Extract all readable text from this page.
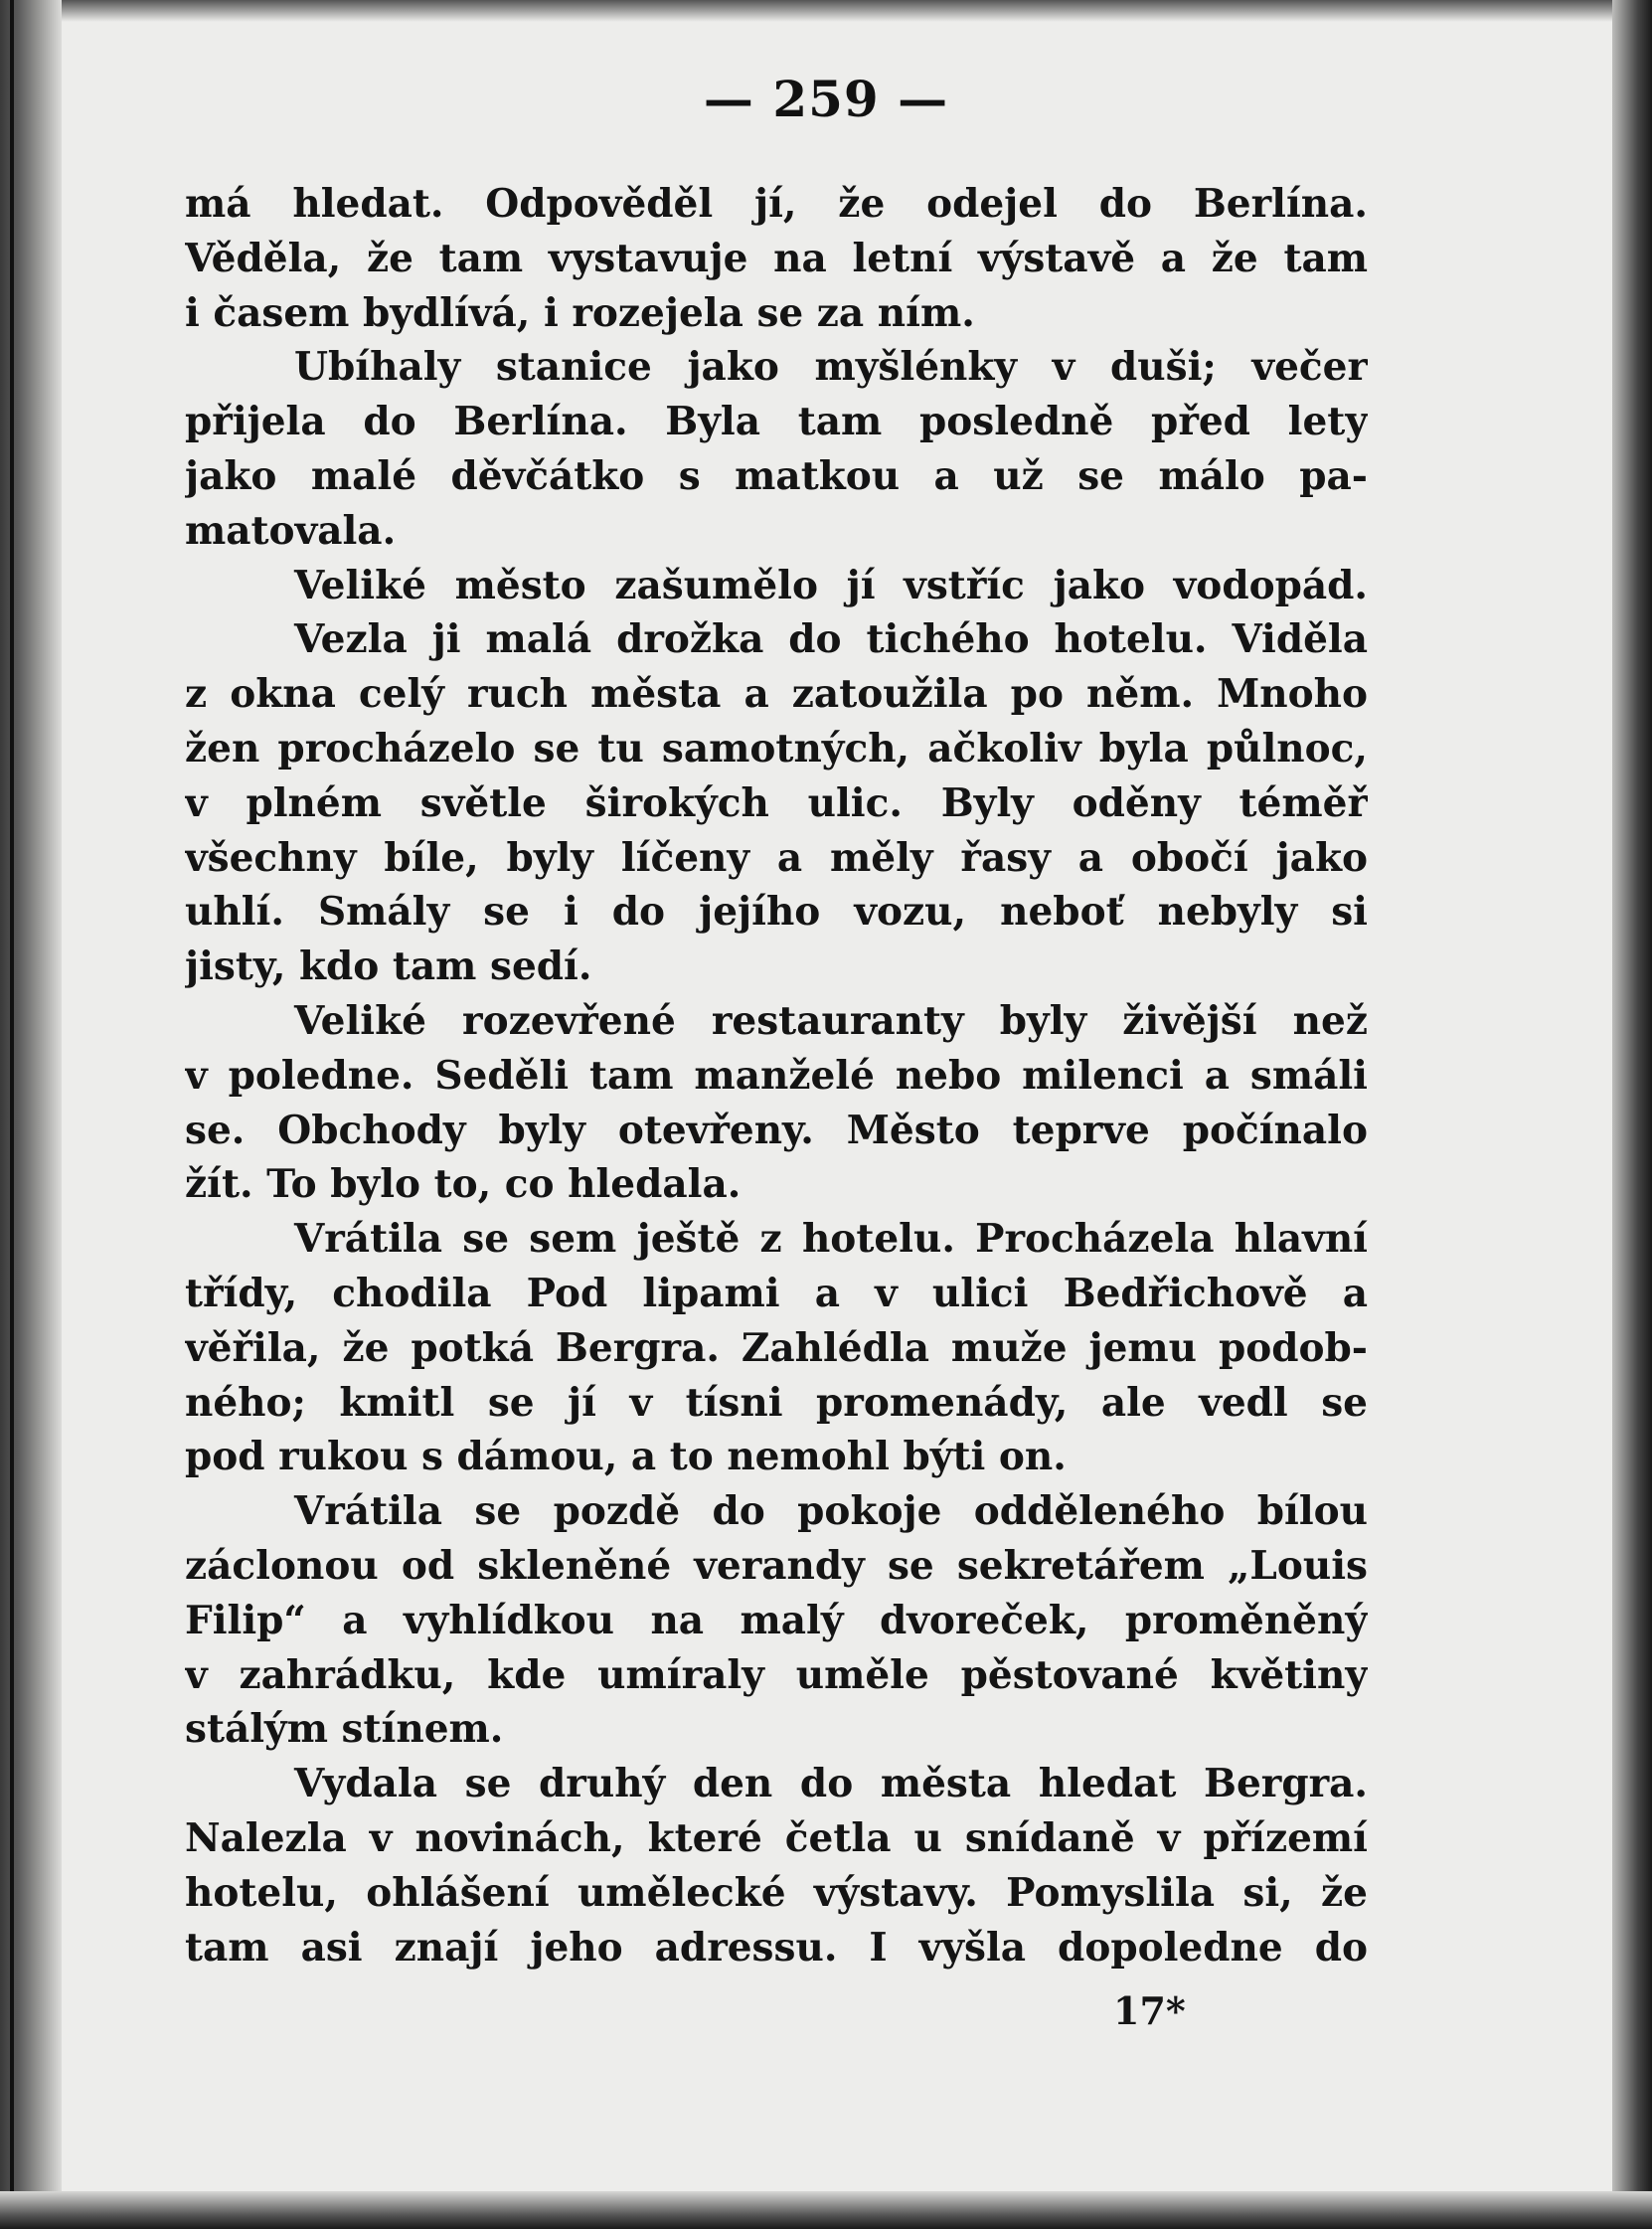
— 259 —
má hledat. Odpověděl jí, že odejel do Berlína.
Věděla, že tam vystavuje na letní výstavě a že tam
i časem bydlívá, i rozejela se za ním.
Ubíhaly stanice jako myšlénky v duši; večer
přijela do Berlína. Byla tam posledně před lety
jako malé děvčátko s matkou a už se málo pa-
matovala.
Veliké město zašumělo jí vstříc jako vodopád.
Vezla ji malá drožka do tichého hotelu. Viděla
z okna celý ruch města a zatoužila po něm. Mnoho
žen procházelo se tu samotných, ačkoliv byla půlnoc,
v plném světle širokých ulic. Byly oděny téměř
všechny bíle, byly líčeny a měly řasy a obočí jako
uhlí. Smály se i do jejího vozu, neboť nebyly si
jisty, kdo tam sedí.
Veliké rozevřené restauranty byly živější než
v poledne. Seděli tam manželé nebo milenci a smáli
se. Obchody byly otevřeny. Město teprve počínalo
žít. To bylo to, co hledala.
Vrátila se sem ještě z hotelu. Procházela hlavní
třídy, chodila Pod lipami a v ulici Bedřichově a
věřila, že potká Bergra. Zahlédla muže jemu podob-
ného; kmitl se jí v tísni promenády, ale vedl se
pod rukou s dámou, a to nemohl býti on.
Vrátila se pozdě do pokoje odděleného bílou
záclonou od skleněné verandy se sekretářem „Louis
Filip“ a vyhlídkou na malý dvoreček, proměněný
v zahrádku, kde umíraly uměle pěstované květiny
stálým stínem.
Vydala se druhý den do města hledat Bergra.
Nalezla v novinách, které četla u snídaně v přízemí
hotelu, ohlášení umělecké výstavy. Pomyslila si, že
tam asi znají jeho adressu. I vyšla dopoledne do
17*
